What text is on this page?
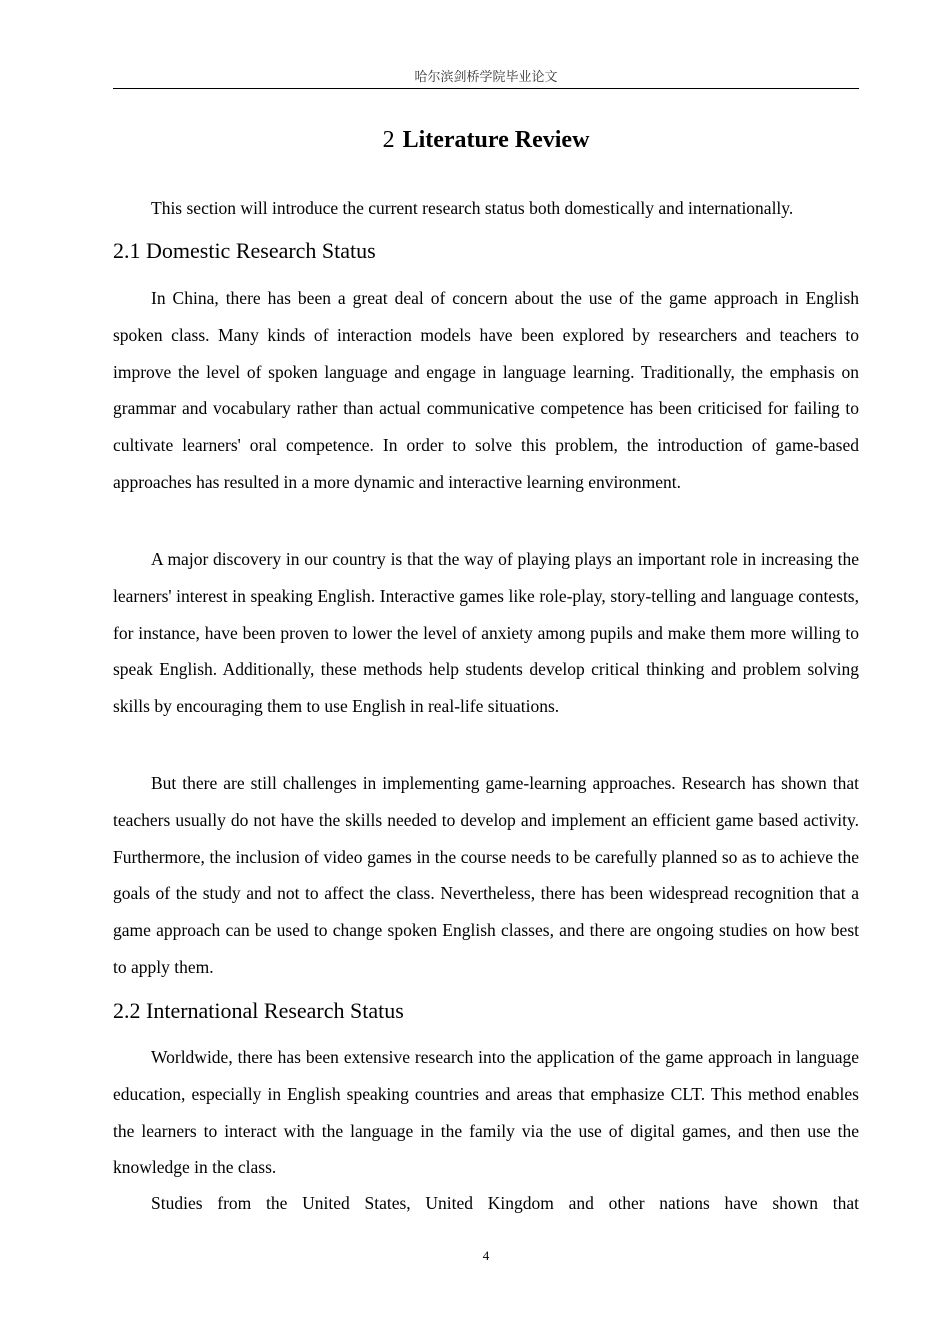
哈尔滨剑桥学院毕业论文
2 Literature Review

This section will introduce the current research status both domestically and internationally.

2.1 Domestic Research Status

In China, there has been a great deal of concern about the use of the game approach in English spoken class. Many kinds of interaction models have been explored by researchers and teachers to improve the level of spoken language and engage in language learning. Traditionally, the emphasis on grammar and vocabulary rather than actual communicative competence has been criticised for failing to cultivate learners' oral competence. In order to solve this problem, the introduction of game-based approaches has resulted in a more dynamic and interactive learning environment.

A major discovery in our country is that the way of playing plays an important role in increasing the learners' interest in speaking English. Interactive games like role-play, story-telling and language contests, for instance, have been proven to lower the level of anxiety among pupils and make them more willing to speak English. Additionally, these methods help students develop critical thinking and problem solving skills by encouraging them to use English in real-life situations.

But there are still challenges in implementing game-learning approaches. Research has shown that teachers usually do not have the skills needed to develop and implement an efficient game based activity. Furthermore, the inclusion of video games in the course needs to be carefully planned so as to achieve the goals of the study and not to affect the class. Nevertheless, there has been widespread recognition that a game approach can be used to change spoken English classes, and there are ongoing studies on how best to apply them.

2.2 International Research Status

Worldwide, there has been extensive research into the application of the game approach in language education, especially in English speaking countries and areas that emphasize CLT. This method enables the learners to interact with the language in the family via the use of digital games, and then use the knowledge in the class.

Studies from the United States, United Kingdom and other nations have shown that

4
